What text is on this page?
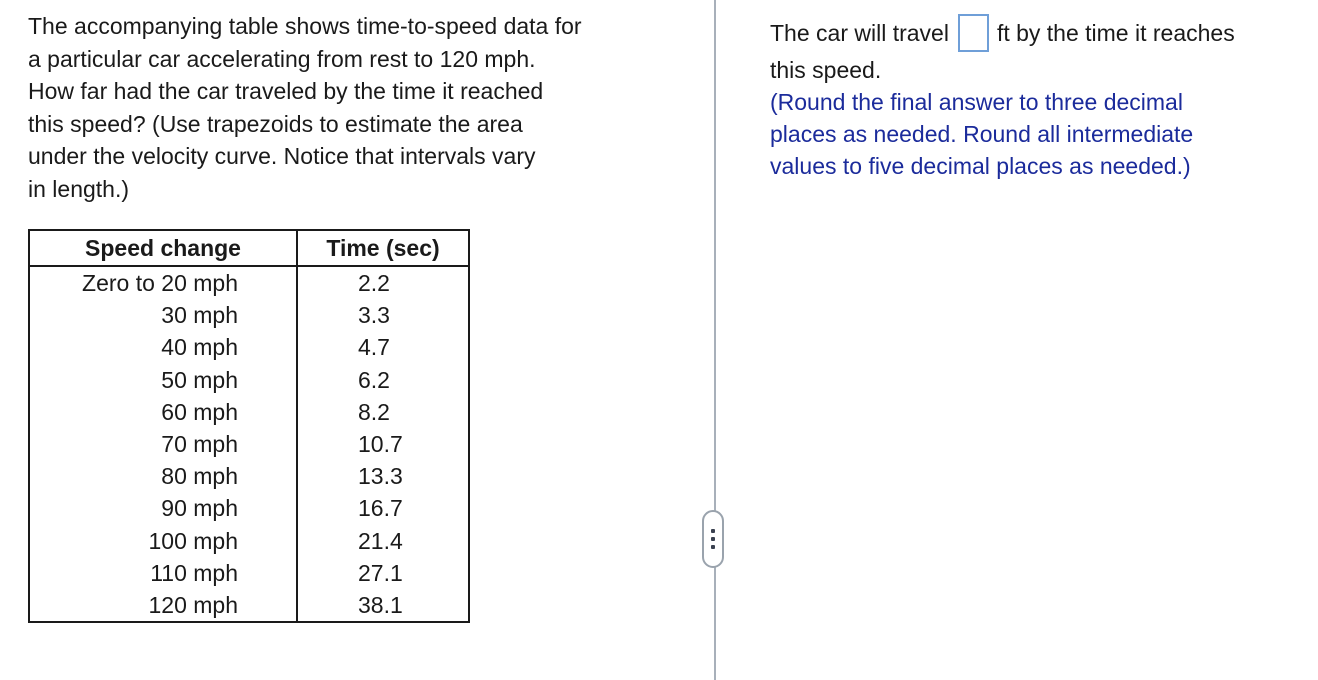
The accompanying table shows time-to-speed data for
a particular car accelerating from rest to 120 mph.
How far had the car traveled by the time it reached
this speed? (Use trapezoids to estimate the area
under the velocity curve. Notice that intervals vary
in length.)

Speed change	Time (sec)
Zero to 20 mph	2.2
30 mph	3.3
40 mph	4.7
50 mph	6.2
60 mph	8.2
70 mph	10.7
80 mph	13.3
90 mph	16.7
100 mph	21.4
110 mph	27.1
120 mph	38.1
The car will travel ft by the time it reaches
this speed.
(Round the final answer to three decimal
places as needed. Round all intermediate
values to five decimal places as needed.)
